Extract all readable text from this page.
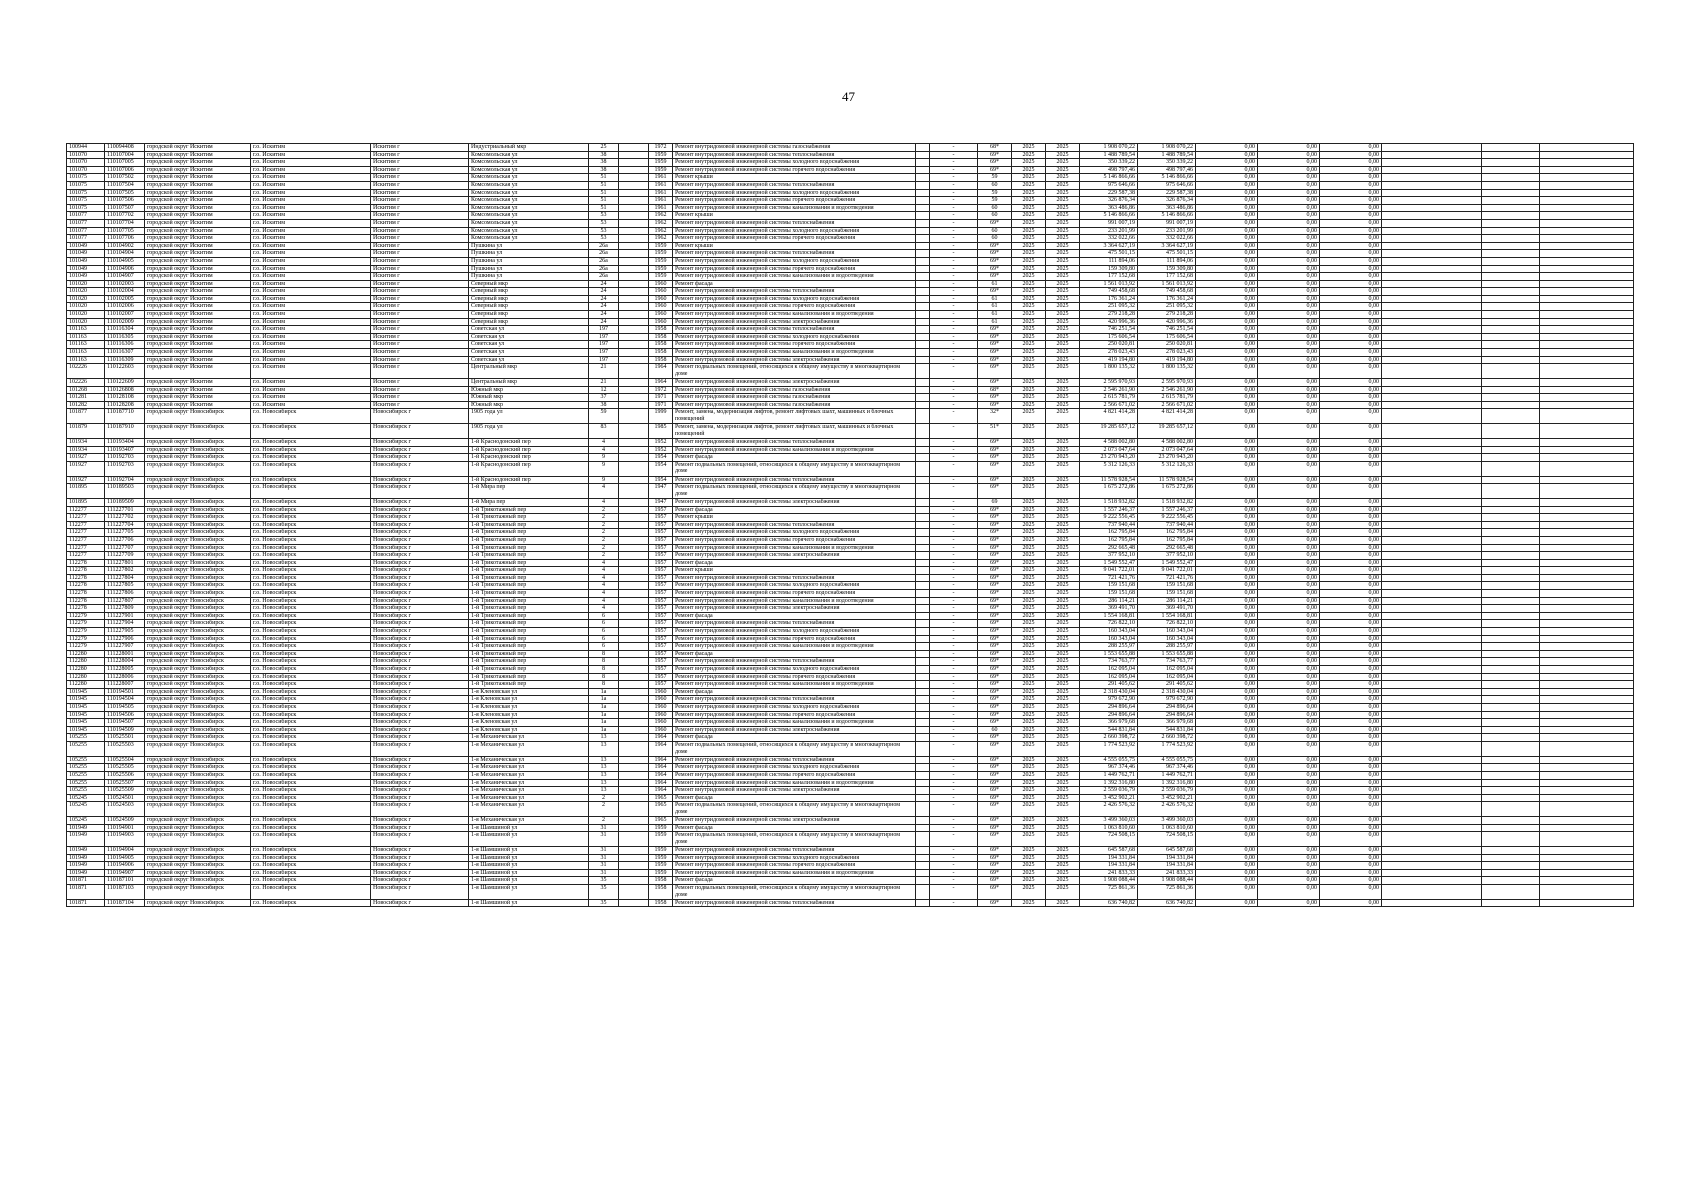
47
100944	110094408	городской округ Искитим	г.о. Искитим	Искитим г	Индустриальный мкр	25		1972	Ремонт внутридомовой инженерной системы газоснабжения		-	68*	2025	2025	1 908 070,22	1 908 070,22	0,00	0,00	0,00			
101070	110107004	городской округ Искитим	г.о. Искитим	Искитим г	Комсомольская ул	38		1959	Ремонт внутридомовой инженерной системы теплоснабжения		-	69*	2025	2025	1 488 789,54	1 488 789,54	0,00	0,00	0,00			
101070	110107005	городской округ Искитим	г.о. Искитим	Искитим г	Комсомольская ул	38		1959	Ремонт внутридомовой инженерной системы холодного водоснабжения		-	69*	2025	2025	350 339,22	350 339,22	0,00	0,00	0,00			
101070	110107006	городской округ Искитим	г.о. Искитим	Искитим г	Комсомольская ул	38		1959	Ремонт внутридомовой инженерной системы горячего водоснабжения		-	69*	2025	2025	498 797,46	498 797,46	0,00	0,00	0,00			
101075	110107502	городской округ Искитим	г.о. Искитим	Искитим г	Комсомольская ул	51		1961	Ремонт крыши		-	59	2025	2025	5 146 866,66	5 146 866,66	0,00	0,00	0,00			
101075	110107504	городской округ Искитим	г.о. Искитим	Искитим г	Комсомольская ул	51		1961	Ремонт внутридомовой инженерной системы теплоснабжения		-	60	2025	2025	975 646,66	975 646,66	0,00	0,00	0,00			
101075	110107505	городской округ Искитим	г.о. Искитим	Искитим г	Комсомольская ул	51		1961	Ремонт внутридомовой инженерной системы холодного водоснабжения		-	59	2025	2025	229 587,38	229 587,38	0,00	0,00	0,00			
101075	110107506	городской округ Искитим	г.о. Искитим	Искитим г	Комсомольская ул	51		1961	Ремонт внутридомовой инженерной системы горячего водоснабжения		-	59	2025	2025	326 876,34	326 876,34	0,00	0,00	0,00			
101075	110107507	городской округ Искитим	г.о. Искитим	Искитим г	Комсомольская ул	51		1961	Ремонт внутридомовой инженерной системы канализования и водоотведения		-	60	2025	2025	363 486,86	363 486,86	0,00	0,00	0,00			
101077	110107702	городской округ Искитим	г.о. Искитим	Искитим г	Комсомольская ул	53		1962	Ремонт крыши		-	60	2025	2025	5 146 866,66	5 146 866,66	0,00	0,00	0,00			
101077	110107704	городской округ Искитим	г.о. Искитим	Искитим г	Комсомольская ул	53		1962	Ремонт внутридомовой инженерной системы теплоснабжения		-	69*	2025	2025	991 007,19	991 007,19	0,00	0,00	0,00			
101077	110107705	городской округ Искитим	г.о. Искитим	Искитим г	Комсомольская ул	53		1962	Ремонт внутридомовой инженерной системы холодного водоснабжения		-	60	2025	2025	233 201,99	233 201,99	0,00	0,00	0,00			
101077	110107706	городской округ Искитим	г.о. Искитим	Искитим г	Комсомольская ул	53		1962	Ремонт внутридомовой инженерной системы горячего водоснабжения		-	60	2025	2025	332 022,66	332 022,66	0,00	0,00	0,00			
101049	110104902	городской округ Искитим	г.о. Искитим	Искитим г	Пушкина ул	26а		1959	Ремонт крыши		-	69*	2025	2025	3 364 627,19	3 364 627,19	0,00	0,00	0,00			
101049	110104904	городской округ Искитим	г.о. Искитим	Искитим г	Пушкина ул	26а		1959	Ремонт внутридомовой инженерной системы теплоснабжения		-	69*	2025	2025	475 501,15	475 501,15	0,00	0,00	0,00			
101049	110104905	городской округ Искитим	г.о. Искитим	Искитим г	Пушкина ул	26а		1959	Ремонт внутридомовой инженерной системы холодного водоснабжения		-	69*	2025	2025	111 894,06	111 894,06	0,00	0,00	0,00			
101049	110104906	городской округ Искитим	г.о. Искитим	Искитим г	Пушкина ул	26а		1959	Ремонт внутридомовой инженерной системы горячего водоснабжения		-	69*	2025	2025	159 309,80	159 309,80	0,00	0,00	0,00			
101049	110104907	городской округ Искитим	г.о. Искитим	Искитим г	Пушкина ул	26а		1959	Ремонт внутридомовой инженерной системы канализования и водоотведения		-	69*	2025	2025	177 152,68	177 152,68	0,00	0,00	0,00			
101020	110102003	городской округ Искитим	г.о. Искитим	Искитим г	Северный мкр	24		1960	Ремонт фасада		-	61	2025	2025	1 561 013,92	1 561 013,92	0,00	0,00	0,00			
101020	110102004	городской округ Искитим	г.о. Искитим	Искитим г	Северный мкр	24		1960	Ремонт внутридомовой инженерной системы теплоснабжения		-	69*	2025	2025	749 458,68	749 458,68	0,00	0,00	0,00			
101020	110102005	городской округ Искитим	г.о. Искитим	Искитим г	Северный мкр	24		1960	Ремонт внутридомовой инженерной системы холодного водоснабжения		-	61	2025	2025	176 361,24	176 361,24	0,00	0,00	0,00			
101020	110102006	городской округ Искитим	г.о. Искитим	Искитим г	Северный мкр	24		1960	Ремонт внутридомовой инженерной системы горячего водоснабжения		-	61	2025	2025	251 095,32	251 095,32	0,00	0,00	0,00			
101020	110102007	городской округ Искитим	г.о. Искитим	Искитим г	Северный мкр	24		1960	Ремонт внутридомовой инженерной системы канализования и водоотведения		-	61	2025	2025	279 218,28	279 218,28	0,00	0,00	0,00			
101020	110102009	городской округ Искитим	г.о. Искитим	Искитим г	Северный мкр	24		1960	Ремонт внутридомовой инженерной системы электроснабжения		-	61	2025	2025	420 996,36	420 996,36	0,00	0,00	0,00			
101163	110116304	городской округ Искитим	г.о. Искитим	Искитим г	Советская ул	197		1958	Ремонт внутридомовой инженерной системы теплоснабжения		-	69*	2025	2025	746 251,54	746 251,54	0,00	0,00	0,00			
101163	110116305	городской округ Искитим	г.о. Искитим	Искитим г	Советская ул	197		1958	Ремонт внутридомовой инженерной системы холодного водоснабжения		-	69*	2025	2025	175 606,54	175 606,54	0,00	0,00	0,00			
101163	110116306	городской округ Искитим	г.о. Искитим	Искитим г	Советская ул	197		1958	Ремонт внутридомовой инженерной системы горячего водоснабжения		-	69*	2025	2025	250 020,81	250 020,81	0,00	0,00	0,00			
101163	110116307	городской округ Искитим	г.о. Искитим	Искитим г	Советская ул	197		1958	Ремонт внутридомовой инженерной системы канализования и водоотведения		-	69*	2025	2025	278 023,43	278 023,43	0,00	0,00	0,00			
101163	110116309	городской округ Искитим	г.о. Искитим	Искитим г	Советская ул	197		1958	Ремонт внутридомовой инженерной системы электроснабжения		-	69*	2025	2025	419 194,80	419 194,80	0,00	0,00	0,00			
102226	110122603	городской округ Искитим	г.о. Искитим	Искитим г	Центральный мкр	21		1964	Ремонт подвальных помещений, относящихся к общему имуществу в многоквартирном доме		-	69*	2025	2025	1 800 135,32	1 800 135,32	0,00	0,00	0,00			
102226	110122609	городской округ Искитим	г.о. Искитим	Искитим г	Центральный мкр	21		1964	Ремонт внутридомовой инженерной системы электроснабжения		-	69*	2025	2025	2 595 970,93	2 595 970,93	0,00	0,00	0,00			
101268	110126808	городской округ Искитим	г.о. Искитим	Искитим г	Южный мкр	12		1972	Ремонт внутридомовой инженерной системы газоснабжения		-	68*	2025	2025	2 546 261,90	2 546 261,90	0,00	0,00	0,00			
101281	110128108	городской округ Искитим	г.о. Искитим	Искитим г	Южный мкр	37		1971	Ремонт внутридомовой инженерной системы газоснабжения		-	69*	2025	2025	2 615 781,79	2 615 781,79	0,00	0,00	0,00			
101282	110128208	городской округ Искитим	г.о. Искитим	Искитим г	Южный мкр	38		1971	Ремонт внутридомовой инженерной системы газоснабжения		-	69*	2025	2025	2 566 671,02	2 566 671,02	0,00	0,00	0,00			
101877	110187710	городской округ Новосибирск	г.о. Новосибирск	Новосибирск г	1905 года ул	59		1999	Ремонт, замена, модернизация лифтов, ремонт лифтовых шахт, машинных и блочных помещений		-	32*	2025	2025	4 821 414,28	4 821 414,28	0,00	0,00	0,00			
101879	110187910	городской округ Новосибирск	г.о. Новосибирск	Новосибирск г	1905 года ул	83		1985	Ремонт, замена, модернизация лифтов, ремонт лифтовых шахт, машинных и блочных помещений		-	51*	2025	2025	19 285 657,12	19 285 657,12	0,00	0,00	0,00			
101934	110193404	городской округ Новосибирск	г.о. Новосибирск	Новосибирск г	1-й Краснодонский пер	4		1952	Ремонт внутридомовой инженерной системы теплоснабжения		-	69*	2025	2025	4 588 002,80	4 588 002,80	0,00	0,00	0,00			
101934	110193407	городской округ Новосибирск	г.о. Новосибирск	Новосибирск г	1-й Краснодонский пер	4		1952	Ремонт внутридомовой инженерной системы канализования и водоотведения		-	69*	2025	2025	2 073 047,64	2 073 047,64	0,00	0,00	0,00			
101927	110192703	городской округ Новосибирск	г.о. Новосибирск	Новосибирск г	1-й Краснодонский пер	9		1954	Ремонт фасада		-	69*	2025	2025	23 270 943,20	23 270 943,20	0,00	0,00	0,00			
101927	110192703	городской округ Новосибирск	г.о. Новосибирск	Новосибирск г	1-й Краснодонский пер	9		1954	Ремонт подвальных помещений, относящихся к общему имуществу в многоквартирном доме		-	69*	2025	2025	5 312 126,33	5 312 126,33	0,00	0,00	0,00			
101927	110192704	городской округ Новосибирск	г.о. Новосибирск	Новосибирск г	1-й Краснодонский пер	9		1954	Ремонт внутридомовой инженерной системы теплоснабжения		-	69*	2025	2025	11 578 928,54	11 578 928,54	0,00	0,00	0,00			
101895	110189503	городской округ Новосибирск	г.о. Новосибирск	Новосибирск г	1-й Мира пер	4		1947	Ремонт подвальных помещений, относящихся к общему имуществу в многоквартирном доме		-	69*	2025	2025	1 675 272,86	1 675 272,86	0,00	0,00	0,00			
101895	110189509	городской округ Новосибирск	г.о. Новосибирск	Новосибирск г	1-й Мира пер	4		1947	Ремонт внутридомовой инженерной системы электроснабжения		-	69	2025	2025	1 518 932,82	1 518 932,82	0,00	0,00	0,00			
112277	111227701	городской округ Новосибирск	г.о. Новосибирск	Новосибирск г	1-й Трикотажный пер	2		1957	Ремонт фасада		-	69*	2025	2025	1 557 246,37	1 557 246,37	0,00	0,00	0,00			
112277	111227702	городской округ Новосибирск	г.о. Новосибирск	Новосибирск г	1-й Трикотажный пер	2		1957	Ремонт крыши		-	69*	2025	2025	9 222 556,45	9 222 556,45	0,00	0,00	0,00			
112277	111227704	городской округ Новосибирск	г.о. Новосибирск	Новосибирск г	1-й Трикотажный пер	2		1957	Ремонт внутридомовой инженерной системы теплоснабжения		-	69*	2025	2025	737 940,44	737 940,44	0,00	0,00	0,00			
112277	111227705	городской округ Новосибирск	г.о. Новосибирск	Новосибирск г	1-й Трикотажный пер	2		1957	Ремонт внутридомовой инженерной системы холодного водоснабжения		-	69*	2025	2025	162 795,84	162 795,84	0,00	0,00	0,00			
112277	111227706	городской округ Новосибирск	г.о. Новосибирск	Новосибирск г	1-й Трикотажный пер	2		1957	Ремонт внутридомовой инженерной системы горячего водоснабжения		-	69*	2025	2025	162 795,84	162 795,84	0,00	0,00	0,00			
112277	111227707	городской округ Новосибирск	г.о. Новосибирск	Новосибирск г	1-й Трикотажный пер	2		1957	Ремонт внутридомовой инженерной системы канализования и водоотведения		-	69*	2025	2025	292 665,48	292 665,48	0,00	0,00	0,00			
112277	111227709	городской округ Новосибирск	г.о. Новосибирск	Новосибирск г	1-й Трикотажный пер	2		1957	Ремонт внутридомовой инженерной системы электроснабжения		-	69*	2025	2025	377 952,10	377 952,10	0,00	0,00	0,00			
112278	111227801	городской округ Новосибирск	г.о. Новосибирск	Новосибирск г	1-й Трикотажный пер	4		1957	Ремонт фасада		-	69*	2025	2025	1 549 552,47	1 549 552,47	0,00	0,00	0,00			
112278	111227802	городской округ Новосибирск	г.о. Новосибирск	Новосибирск г	1-й Трикотажный пер	4		1957	Ремонт крыши		-	69*	2025	2025	9 041 722,01	9 041 722,01	0,00	0,00	0,00			
112278	111227804	городской округ Новосибирск	г.о. Новосибирск	Новосибирск г	1-й Трикотажный пер	4		1957	Ремонт внутридомовой инженерной системы теплоснабжения		-	69*	2025	2025	721 421,76	721 421,76	0,00	0,00	0,00			
112278	111227805	городской округ Новосибирск	г.о. Новосибирск	Новосибирск г	1-й Трикотажный пер	4		1957	Ремонт внутридомовой инженерной системы холодного водоснабжения		-	69*	2025	2025	159 151,68	159 151,68	0,00	0,00	0,00			
112278	111227806	городской округ Новосибирск	г.о. Новосибирск	Новосибирск г	1-й Трикотажный пер	4		1957	Ремонт внутридомовой инженерной системы горячего водоснабжения		-	69*	2025	2025	159 151,68	159 151,68	0,00	0,00	0,00			
112278	111227807	городской округ Новосибирск	г.о. Новосибирск	Новосибирск г	1-й Трикотажный пер	4		1957	Ремонт внутридомовой инженерной системы канализования и водоотведения		-	69*	2025	2025	286 114,21	286 114,21	0,00	0,00	0,00			
112278	111227809	городской округ Новосибирск	г.о. Новосибирск	Новосибирск г	1-й Трикотажный пер	4		1957	Ремонт внутридомовой инженерной системы электроснабжения		-	69*	2025	2025	369 491,70	369 491,70	0,00	0,00	0,00			
112279	111227901	городской округ Новосибирск	г.о. Новосибирск	Новосибирск г	1-й Трикотажный пер	6		1957	Ремонт фасада		-	69*	2025	2025	1 554 168,81	1 554 168,81	0,00	0,00	0,00			
112279	111227904	городской округ Новосибирск	г.о. Новосибирск	Новосибирск г	1-й Трикотажный пер	6		1957	Ремонт внутридомовой инженерной системы теплоснабжения		-	69*	2025	2025	726 822,10	726 822,10	0,00	0,00	0,00			
112279	111227905	городской округ Новосибирск	г.о. Новосибирск	Новосибирск г	1-й Трикотажный пер	6		1957	Ремонт внутридомовой инженерной системы холодного водоснабжения		-	69*	2025	2025	160 343,04	160 343,04	0,00	0,00	0,00			
112279	111227906	городской округ Новосибирск	г.о. Новосибирск	Новосибирск г	1-й Трикотажный пер	6		1957	Ремонт внутридомовой инженерной системы горячего водоснабжения		-	69*	2025	2025	160 343,04	160 343,04	0,00	0,00	0,00			
112279	111227907	городской округ Новосибирск	г.о. Новосибирск	Новосибирск г	1-й Трикотажный пер	6		1957	Ремонт внутридомовой инженерной системы канализования и водоотведения		-	69*	2025	2025	288 255,97	288 255,97	0,00	0,00	0,00			
112280	111228001	городской округ Новосибирск	г.о. Новосибирск	Новосибирск г	1-й Трикотажный пер	8		1957	Ремонт фасада		-	69*	2025	2025	1 553 655,88	1 553 655,88	0,00	0,00	0,00			
112280	111228004	городской округ Новосибирск	г.о. Новосибирск	Новосибирск г	1-й Трикотажный пер	8		1957	Ремонт внутридомовой инженерной системы теплоснабжения		-	69*	2025	2025	734 763,77	734 763,77	0,00	0,00	0,00			
112280	111228005	городской округ Новосибирск	г.о. Новосибирск	Новосибирск г	1-й Трикотажный пер	8		1957	Ремонт внутридомовой инженерной системы холодного водоснабжения		-	69*	2025	2025	162 095,04	162 095,04	0,00	0,00	0,00			
112280	111228006	городской округ Новосибирск	г.о. Новосибирск	Новосибирск г	1-й Трикотажный пер	8		1957	Ремонт внутридомовой инженерной системы горячего водоснабжения		-	69*	2025	2025	162 095,04	162 095,04	0,00	0,00	0,00			
112280	111228007	городской округ Новосибирск	г.о. Новосибирск	Новосибирск г	1-й Трикотажный пер	8		1957	Ремонт внутридомовой инженерной системы канализования и водоотведения		-	69*	2025	2025	291 405,62	291 405,62	0,00	0,00	0,00			
101945	110194501	городской округ Новосибирск	г.о. Новосибирск	Новосибирск г	1-я Кленовская ул	1а		1960	Ремонт фасада		-	69*	2025	2025	2 318 430,04	2 318 430,04	0,00	0,00	0,00			
101945	110194504	городской округ Новосибирск	г.о. Новосибирск	Новосибирск г	1-я Кленовская ул	1а		1960	Ремонт внутридомовой инженерной системы теплоснабжения		-	69*	2025	2025	979 672,90	979 672,90	0,00	0,00	0,00			
101945	110194505	городской округ Новосибирск	г.о. Новосибирск	Новосибирск г	1-я Кленовская ул	1а		1960	Ремонт внутридомовой инженерной системы холодного водоснабжения		-	69*	2025	2025	294 896,64	294 896,64	0,00	0,00	0,00			
101945	110194506	городской округ Новосибирск	г.о. Новосибирск	Новосибирск г	1-я Кленовская ул	1а		1960	Ремонт внутридомовой инженерной системы горячего водоснабжения		-	69*	2025	2025	294 896,64	294 896,64	0,00	0,00	0,00			
101945	110194507	городской округ Новосибирск	г.о. Новосибирск	Новосибирск г	1-я Кленовская ул	1а		1960	Ремонт внутридомовой инженерной системы канализования и водоотведения		-	69*	2025	2025	366 979,68	366 979,68	0,00	0,00	0,00			
101945	110194509	городской округ Новосибирск	г.о. Новосибирск	Новосибирск г	1-я Кленовская ул	1а		1960	Ремонт внутридомовой инженерной системы электроснабжения		-	60	2025	2025	544 831,84	544 831,84	0,00	0,00	0,00			
105255	110525501	городской округ Новосибирск	г.о. Новосибирск	Новосибирск г	1-я Механическая ул	13		1964	Ремонт фасада		-	69*	2025	2025	2 660 398,72	2 660 398,72	0,00	0,00	0,00			
105255	110525503	городской округ Новосибирск	г.о. Новосибирск	Новосибирск г	1-я Механическая ул	13		1964	Ремонт подвальных помещений, относящихся к общему имуществу в многоквартирном доме		-	69*	2025	2025	1 774 523,92	1 774 523,92	0,00	0,00	0,00			
105255	110525504	городской округ Новосибирск	г.о. Новосибирск	Новосибирск г	1-я Механическая ул	13		1964	Ремонт внутридомовой инженерной системы теплоснабжения		-	69*	2025	2025	4 555 055,75	4 555 055,75	0,00	0,00	0,00			
105255	110525505	городской округ Новосибирск	г.о. Новосибирск	Новосибирск г	1-я Механическая ул	13		1964	Ремонт внутридомовой инженерной системы холодного водоснабжения		-	69*	2025	2025	967 374,46	967 374,46	0,00	0,00	0,00			
105255	110525506	городской округ Новосибирск	г.о. Новосибирск	Новосибирск г	1-я Механическая ул	13		1964	Ремонт внутридомовой инженерной системы горячего водоснабжения		-	69*	2025	2025	1 449 762,71	1 449 762,71	0,00	0,00	0,00			
105255	110525507	городской округ Новосибирск	г.о. Новосибирск	Новосибирск г	1-я Механическая ул	13		1964	Ремонт внутридомовой инженерной системы канализования и водоотведения		-	69*	2025	2025	1 392 316,80	1 392 316,80	0,00	0,00	0,00			
105255	110525509	городской округ Новосибирск	г.о. Новосибирск	Новосибирск г	1-я Механическая ул	13		1964	Ремонт внутридомовой инженерной системы электроснабжения		-	69*	2025	2025	2 559 036,79	2 559 036,79	0,00	0,00	0,00			
105245	110524501	городской округ Новосибирск	г.о. Новосибирск	Новосибирск г	1-я Механическая ул	2		1965	Ремонт фасада		-	69*	2025	2025	3 452 902,21	3 452 902,21	0,00	0,00	0,00			
105245	110524503	городской округ Новосибирск	г.о. Новосибирск	Новосибирск г	1-я Механическая ул	2		1965	Ремонт подвальных помещений, относящихся к общему имуществу в многоквартирном доме		-	69*	2025	2025	2 426 576,32	2 426 576,32	0,00	0,00	0,00			
105245	110524509	городской округ Новосибирск	г.о. Новосибирск	Новосибирск г	1-я Механическая ул	2		1965	Ремонт внутридомовой инженерной системы электроснабжения		-	69*	2025	2025	3 499 360,03	3 499 360,03	0,00	0,00	0,00			
101949	110194901	городской округ Новосибирск	г.о. Новосибирск	Новосибирск г	1-я Шамшиной ул	31		1959	Ремонт фасада		-	69*	2025	2025	1 063 810,60	1 063 810,60	0,00	0,00	0,00			
101949	110194903	городской округ Новосибирск	г.о. Новосибирск	Новосибирск г	1-я Шамшиной ул	31		1959	Ремонт подвальных помещений, относящихся к общему имуществу в многоквартирном доме		-	69*	2025	2025	724 508,15	724 508,15	0,00	0,00	0,00			
101949	110194904	городской округ Новосибирск	г.о. Новосибирск	Новосибирск г	1-я Шамшиной ул	31		1959	Ремонт внутридомовой инженерной системы теплоснабжения		-	69*	2025	2025	645 587,68	645 587,68	0,00	0,00	0,00			
101949	110194905	городской округ Новосибирск	г.о. Новосибирск	Новосибирск г	1-я Шамшиной ул	31		1959	Ремонт внутридомовой инженерной системы холодного водоснабжения		-	69*	2025	2025	194 331,84	194 331,84	0,00	0,00	0,00			
101949	110194906	городской округ Новосибирск	г.о. Новосибирск	Новосибирск г	1-я Шамшиной ул	31		1959	Ремонт внутридомовой инженерной системы горячего водоснабжения		-	69*	2025	2025	194 331,84	194 331,84	0,00	0,00	0,00			
101949	110194907	городской округ Новосибирск	г.о. Новосибирск	Новосибирск г	1-я Шамшиной ул	31		1959	Ремонт внутридомовой инженерной системы канализования и водоотведения		-	69*	2025	2025	241 833,33	241 833,33	0,00	0,00	0,00			
101871	110187101	городской округ Новосибирск	г.о. Новосибирск	Новосибирск г	1-я Шамшиной ул	35		1958	Ремонт фасада		-	69*	2025	2025	1 908 088,44	1 908 088,44	0,00	0,00	0,00			
101871	110187103	городской округ Новосибирск	г.о. Новосибирск	Новосибирск г	1-я Шамшиной ул	35		1958	Ремонт подвальных помещений, относящихся к общему имуществу в многоквартирном доме		-	69*	2025	2025	725 861,36	725 861,36	0,00	0,00	0,00			
101871	110187104	городской округ Новосибирск	г.о. Новосибирск	Новосибирск г	1-я Шамшиной ул	35		1958	Ремонт внутридомовой инженерной системы теплоснабжения		-	69*	2025	2025	636 740,82	636 740,82	0,00	0,00	0,00			
